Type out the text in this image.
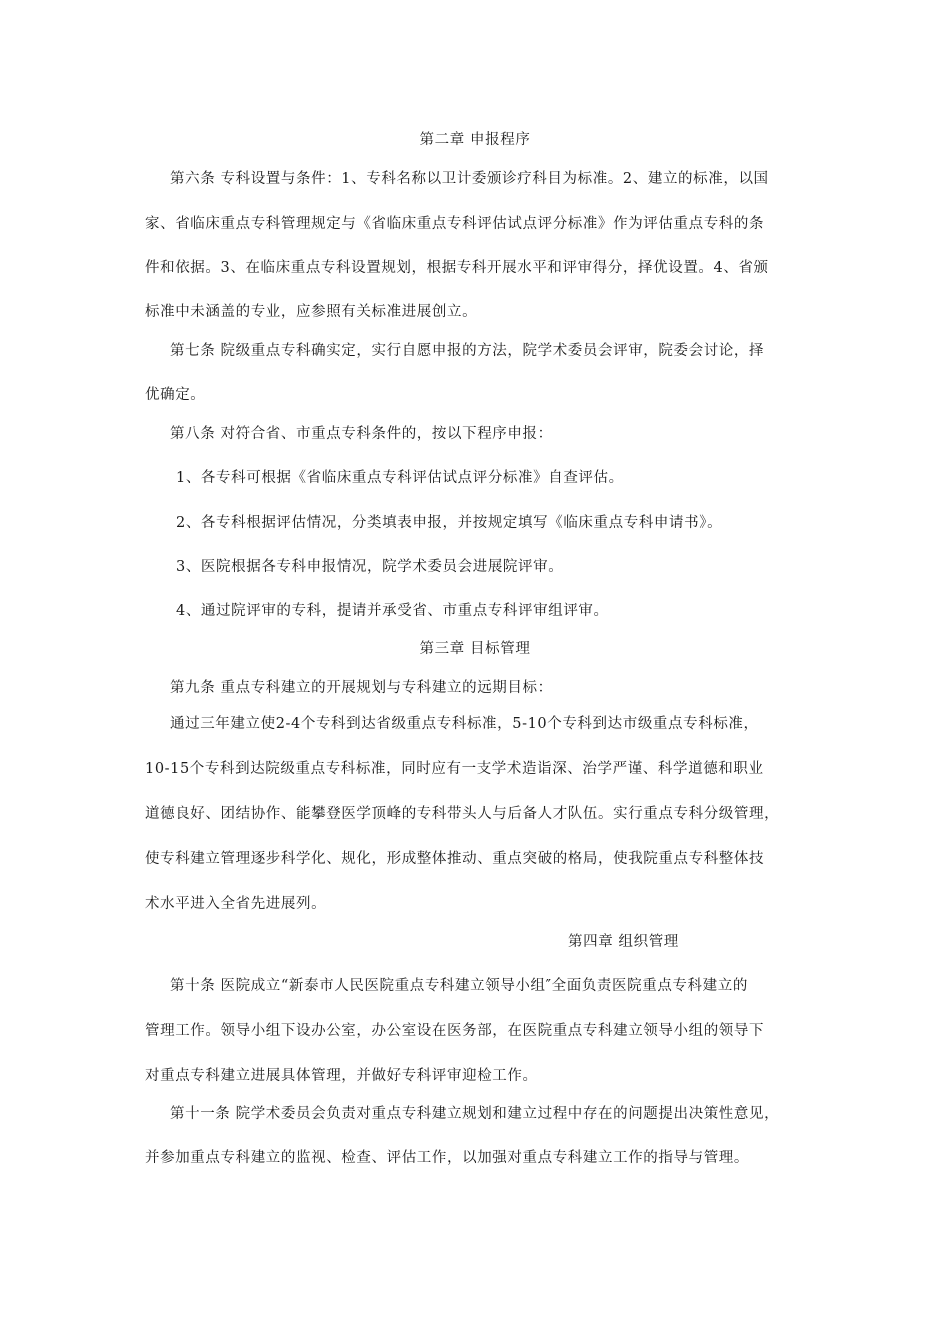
第二章 申报程序
第六条 专科设置与条件：1、专科名称以卫计委颁诊疗科目为标准。2、建立的标准，以国
家、省临床重点专科管理规定与《省临床重点专科评估试点评分标准》作为评估重点专科的条
件和依据。3、在临床重点专科设置规划，根据专科开展水平和评审得分，择优设置。4、省颁
标准中未涵盖的专业，应参照有关标准进展创立。
第七条 院级重点专科确实定，实行自愿申报的方法，院学术委员会评审，院委会讨论，择
优确定。
第八条 对符合省、市重点专科条件的，按以下程序申报：
1、各专科可根据《省临床重点专科评估试点评分标准》自查评估。
2、各专科根据评估情况，分类填表申报，并按规定填写《临床重点专科申请书》。
3、医院根据各专科申报情况，院学术委员会进展院评审。
4、通过院评审的专科，提请并承受省、市重点专科评审组评审。
第三章 目标管理
第九条 重点专科建立的开展规划与专科建立的远期目标：
通过三年建立使2-4个专科到达省级重点专科标准，5-10个专科到达市级重点专科标准，
10-15个专科到达院级重点专科标准，同时应有一支学术造诣深、治学严谨、科学道德和职业
道德良好、团结协作、能攀登医学顶峰的专科带头人与后备人才队伍。实行重点专科分级管理，
使专科建立管理逐步科学化、规化，形成整体推动、重点突破的格局，使我院重点专科整体技
术水平进入全省先进展列。
第四章 组织管理
第十条 医院成立“新泰市人民医院重点专科建立领导小组″全面负责医院重点专科建立的
管理工作。领导小组下设办公室，办公室设在医务部，在医院重点专科建立领导小组的领导下
对重点专科建立进展具体管理，并做好专科评审迎检工作。
第十一条 院学术委员会负责对重点专科建立规划和建立过程中存在的问题提出决策性意见，
并参加重点专科建立的监视、检查、评估工作，以加强对重点专科建立工作的指导与管理。
